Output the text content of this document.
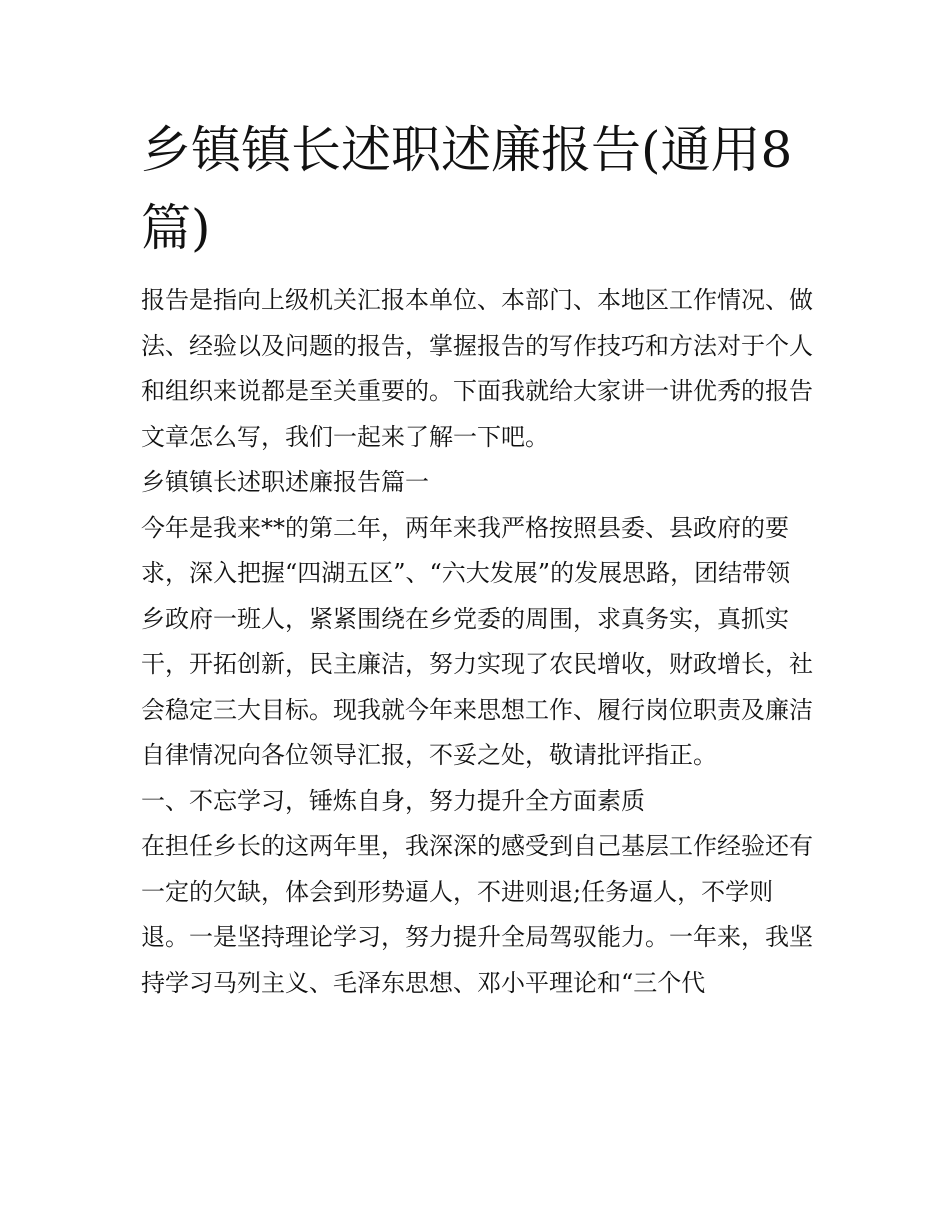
乡镇镇长述职述廉报告(通用8篇)

报告是指向上级机关汇报本单位、本部门、本地区工作情况、做法、经验以及问题的报告，掌握报告的写作技巧和方法对于个人和组织来说都是至关重要的。下面我就给大家讲一讲优秀的报告文章怎么写，我们一起来了解一下吧。

乡镇镇长述职述廉报告篇一

今年是我来**的第二年，两年来我严格按照县委、县政府的要求，深入把握“四湖五区”、“六大发展”的发展思路，团结带领乡政府一班人，紧紧围绕在乡党委的周围，求真务实，真抓实干，开拓创新，民主廉洁，努力实现了农民增收，财政增长，社会稳定三大目标。现我就今年来思想工作、履行岗位职责及廉洁自律情况向各位领导汇报，不妥之处，敬请批评指正。

一、不忘学习，锤炼自身，努力提升全方面素质

在担任乡长的这两年里，我深深的感受到自己基层工作经验还有一定的欠缺，体会到形势逼人，不进则退;任务逼人，不学则退。一是坚持理论学习，努力提升全局驾驭能力。一年来，我坚持学习马列主义、毛泽东思想、邓小平理论和“三个代
